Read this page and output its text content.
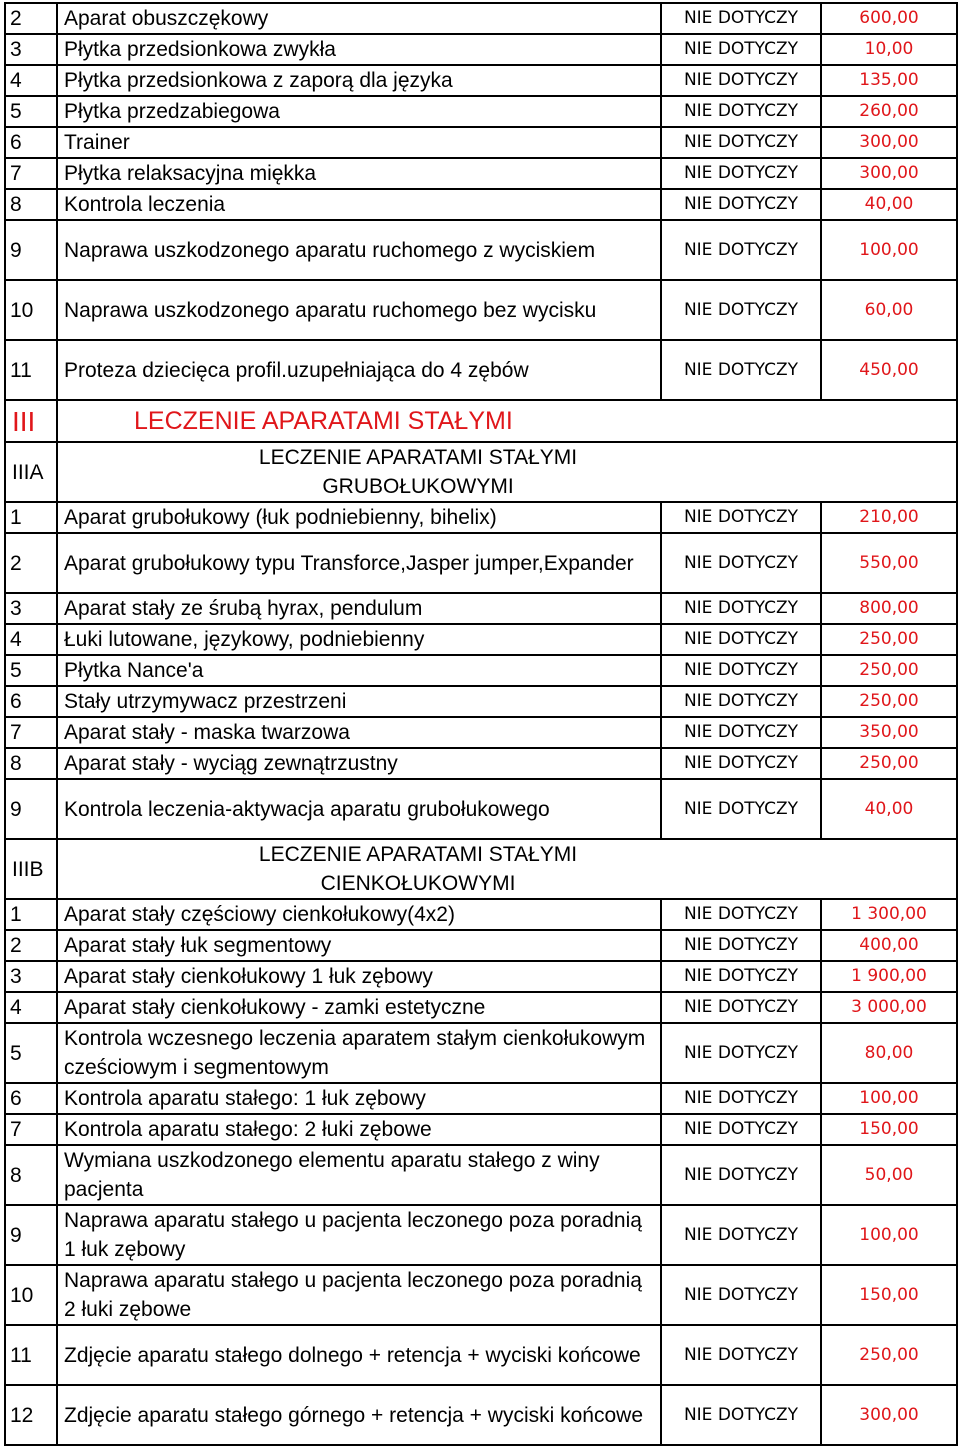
2	Aparat obuszczękowy	NIE DOTYCZY	600,00
3	Płytka przedsionkowa zwykła	NIE DOTYCZY	10,00
4	Płytka przedsionkowa z zaporą dla języka	NIE DOTYCZY	135,00
5	Płytka przedzabiegowa	NIE DOTYCZY	260,00
6	Trainer	NIE DOTYCZY	300,00
7	Płytka relaksacyjna miękka	NIE DOTYCZY	300,00
8	Kontrola leczenia	NIE DOTYCZY	40,00
9	Naprawa uszkodzonego aparatu ruchomego z wyciskiem	NIE DOTYCZY	100,00
10	Naprawa uszkodzonego aparatu ruchomego bez wycisku	NIE DOTYCZY	60,00
11	Proteza dziecięca profil.uzupełniająca do 4 zębów	NIE DOTYCZY	450,00
III	LECZENIE APARATAMI STAŁYMI		
IIIA	LECZENIE APARATAMI STAŁYMI GRUBOŁUKOWYMI		

1	Aparat grubołukowy (łuk podniebienny, bihelix)	NIE DOTYCZY	210,00
2	Aparat grubołukowy typu Transforce,Jasper jumper,Expander	NIE DOTYCZY	550,00
3	Aparat stały ze śrubą hyrax, pendulum	NIE DOTYCZY	800,00
4	Łuki lutowane, językowy, podniebienny	NIE DOTYCZY	250,00
5	Płytka Nance'a	NIE DOTYCZY	250,00
6	Stały utrzymywacz przestrzeni	NIE DOTYCZY	250,00
7	Aparat stały - maska twarzowa	NIE DOTYCZY	350,00
8	Aparat stały - wyciąg zewnątrzustny	NIE DOTYCZY	250,00
9	Kontrola leczenia-aktywacja aparatu grubołukowego	NIE DOTYCZY	40,00
IIIB	LECZENIE APARATAMI STAŁYMI CIENKOŁUKOWYMI		

1	Aparat stały częściowy cienkołukowy(4x2)	NIE DOTYCZY	1 300,00
2	Aparat stały łuk segmentowy	NIE DOTYCZY	400,00
3	Aparat stały cienkołukowy 1 łuk zębowy	NIE DOTYCZY	1 900,00
4	Aparat stały cienkołukowy - zamki estetyczne	NIE DOTYCZY	3 000,00
5	Kontrola wczesnego leczenia aparatem stałym cienkołukowym cześciowym i segmentowym	NIE DOTYCZY	80,00
6	Kontrola aparatu stałego: 1 łuk zębowy	NIE DOTYCZY	100,00
7	Kontrola aparatu stałego: 2 łuki zębowe	NIE DOTYCZY	150,00
8	Wymiana uszkodzonego elementu aparatu stałego z winy pacjenta	NIE DOTYCZY	50,00
9	Naprawa aparatu stałego u pacjenta leczonego poza poradnią 1 łuk zębowy	NIE DOTYCZY	100,00
10	Naprawa aparatu stałego u pacjenta leczonego poza poradnią 2 łuki zębowe	NIE DOTYCZY	150,00
11	Zdjęcie aparatu stałego dolnego + retencja + wyciski końcowe	NIE DOTYCZY	250,00
12	Zdjęcie aparatu stałego górnego + retencja + wyciski końcowe	NIE DOTYCZY	300,00
